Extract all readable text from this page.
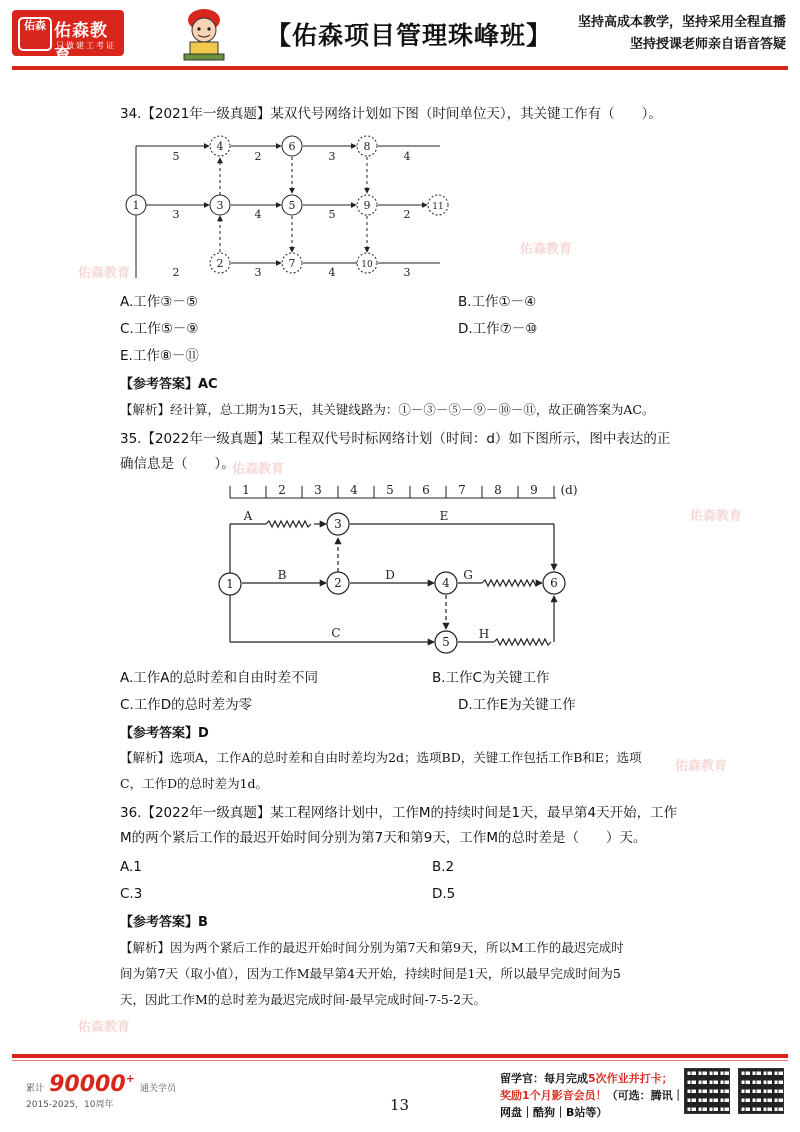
佑森 佑森教育
只做建工考证	【佑森项目管理珠峰班】 坚持高成本教学，坚持采用全程直播
坚持授课老师亲自语音答疑
佑森教育
佑森教育
佑森教育
佑森教育
佑森教育
佑森教育
34.【2021年一级真题】某双代号网络计划如下图（时间单位天），其关键工作有（　　）。
1
2
3
4
5
6
7
8
9
10
11
5	2	3	4
3	4	5	2
2	3	4	3
A.工作③－⑤	B.工作①－④
C.工作⑤－⑨	D.工作⑦－⑩
E.工作⑧－⑪
【参考答案】AC
【解析】经计算，总工期为15天，其关键线路为：①－③－⑤－⑨－⑩－⑪，故正确答案为AC。
35.【2022年一级真题】某工程双代号时标网络计划（时间：d）如下图所示，图中表达的正
确信息是（　　）。
1 2 3 4 5 6 7 8 9 (d)
1	2
3
4
5
6
A
B
C
D
E
G
H
A.工作A的总时差和自由时差不同	B.工作C为关键工作
C.工作D的总时差为零	D.工作E为关键工作
【参考答案】D
【解析】选项A，工作A的总时差和自由时差均为2d；选项BD，关键工作包括工作B和E；选项
C，工作D的总时差为1d。
36.【2022年一级真题】某工程网络计划中，工作M的持续时间是1天，最早第4天开始，工作
M的两个紧后工作的最迟开始时间分别为第7天和第9天，工作M的总时差是（　　）天。
A.1	B.2
C.3	D.5
【参考答案】B
【解析】因为两个紧后工作的最迟开始时间分别为第7天和第9天，所以M工作的最迟完成时
间为第7天（取小值），因为工作M最早第4天开始，持续时间是1天，所以最早完成时间为5
天，因此工作M的总时差为最迟完成时间-最早完成时间-7-5-2天。
累计 90000+ 通关学员
2015-2025，10周年	13
留学官：每月完成5次作业并打卡；
奖励1个月影音会员！（可选：腾讯｜
网盘｜酷狗｜B站等）
